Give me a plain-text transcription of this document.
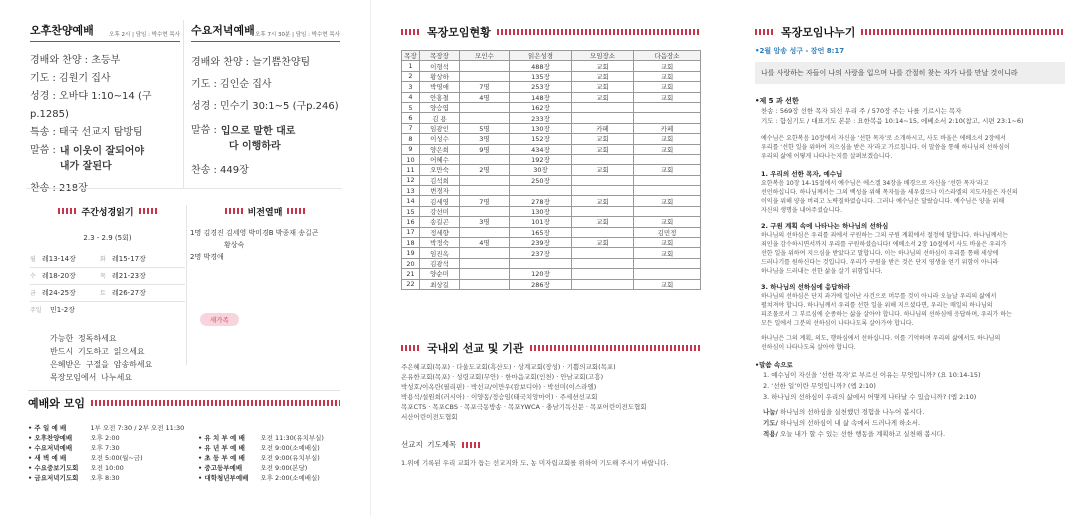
오후찬양예배	오후 2시 | 담임 : 박수현 목사
경배와 찬양 : 초등부
기도 : 김원기 집사
성경 : 오바댜 1:10~14 (구p.1285)
특송 : 태국 선교지 탐방팀
말씀 : 내 이웃이 잘되어야
내가 잘된다
수요저녁예배 오후 7시 30분 | 담임 : 박수현 목사
경배와 찬양 : 늘기쁨찬양팀
기도 : 김인순 집사
성경 : 민수기 30:1~5 (구p.246)
말씀 : 입으로 말한 대로
다 이행하라
찬송 : 449장
주간성경읽기
2.3 - 2.9 (5회)
월 레13-14장	화 레15-17장
수 레18-20장	목 레21-23장
금 레24-25장	토 레26-27장
주일	민1-2장
가능한 정독하세요
반드시 기도하고 읽으세요
은혜받은 구절을 암송하세요
목장모임에서 나누세요
비전열매
1명 김경진 김세영 박미경B 박종재 송길곤
황상숙
2명 박경애
새가족
예배와 모임
• 주 일 예 배	1부 오전 7:30 / 2부 오전 11:30
• 오후찬양예배	오후 2:00
• 수요저녁예배	오후 7:30
• 새 벽 예 배	오전 5:00(월~금)
• 수요중보기도회 오전 10:00
• 금요저녁기도회 오후 8:30
• 유 치 부 예 배 오전 11:30(유치부실)
• 유 년 부 예 배 오전 9:00(소예배실)
• 초 등 부 예 배 오전 9:00(유치부실)
• 중고등부예배	오전 9:00(본당)
• 대학청년부예배 오후 2:00(소예배실)
목장모임현황
목장	목장장	모인수	읽은성경	모임장소	다음장소
1	이형석		488장	교회	교회
2	황상하		135장	교회	교회
3	박영애	7명	253장	교회	교회
4	안홍철	4명	148장	교회	교회
5	양승엽		162장		
6	김 용		233장		
7	임광인	5명	130장	카페	카페
8	이성수	3명	152장	교회	교회
9	양은희	9명	434장	교회	교회
10	어혜수		192장		
11	오만숙	2명	30장	교회	교회
12	김석희		250장		
13	변경자				
14	김세영	7명	278장	교회	교회
15	강선미		130장		
16	송길곤	3명	101장	교회	교회
17	정세향		165장		김민정
18	박정숙	4명	239장	교회	교회
19	임진옥		237장		교회
20	김광석				
21	양순미		120장		
22	최상길		286장		교회
국내외 선교 및 기관
주은혜교회(목포) · 다울도교회(흑산도) · 상계교회(장성) · 기쁨의교회(목포)
온유한교회(목포) · 성령교회(무안) · 한마음교회(인천) · 안남교회(고흥)
박성호/이옥란(필리핀) · 박선교/이만우(캄보디아) · 박선미(이스라엘)
박용석/설원희(러시아) · 이양동/정승임(태국치앙마이) · 주세션선교회
목포CTS · 목포CBS · 목포극동방송 · 목포YWCA · 충남기독신문 · 목포어린이전도협회
서산어린이전도협회
선교지 기도제목
1.위에 기록된 우리 교회가 돕는 선교지와 도, 농 미자립교회를 위하여 기도해 주시기 바랍니다.
목장모임나누기
•2월 암송 성구 - 잠언 8:17
나를 사랑하는 자들이 나의 사랑을 입으며 나를 간절히 찾는 자가 나를 만날 것이니라
•제 5 과 선한
찬송 : 569장 선한 목자 되신 우리 주 / 570장 주는 나를 기르시는 목자
기도 : 함심기도 / 대표기도 본문 : 요한복음 10:14~15, 에베소서 2:10(참고, 시편 23:1~6)
예수님은 요한복음 10장에서 자신을 ‘선한 목자’로 소개하시고, 사도 바울은 에베소서 2장에서
우리를 ‘선한 일을 위하여 지으심을 받은 자’라고 가르칩니다. 이 말씀을 통해 하나님의 선하심이
우리의 삶에 어떻게 나타나는지를 살펴보겠습니다.
1. 우리의 선한 목자, 예수님
요한복음 10장 14-15절에서 예수님은 에스겔 34장을 배경으로 자신을 ‘선한 목자’라고
선언하십니다. 하나님께서는 그의 백성을 위해 목자들을 세우셨으나 이스라엘의 지도자들은 자신의
이익을 위해 양을 버리고 노략질하였습니다. 그러나 예수님은 달랐습니다. 예수님은 양을 위해
자신의 생명을 내어주셨습니다.
2. 구원 계획 속에 나타나는 하나님의 선하심
하나님의 선하심은 우리를 죄에서 구원하는 그의 구원 계획에서 절정에 달합니다. 하나님께서는
죄인을 감수하시면서까지 우리를 구원하셨습니다! 에베소서 2장 10절에서 사도 바울은 우리가
선한 일을 위하여 지으심을 받았다고 말합니다. 이는 하나님의 선하심이 우리를 통해 세상에
드러나기를 원하신다는 것입니다. 우리가 구원을 받은 것은 단지 영생을 얻기 위함이 아니라
하나님을 드러내는 선한 삶을 살기 위함입니다.
3. 하나님의 선하심에 응답하라
하나님의 선하심은 단지 과거에 일어난 사건으로 머무를 것이 아니라 오늘날 우리의 삶에서
펼쳐져야 합니다. 하나님께서 우리를 선한 일을 위해 지으셨다면, 우리는 매일의 하나님의
피조물로서 그 부르심에 순종하는 삶을 살아야 합니다. 하나님의 선하심에 응답하며, 우리가 하는
모든 일에서 그분의 선하심이 나타나도록 살아가야 합니다.
하나님은 그의 계획, 의도, 행하심에서 선하십니다. 이를 기억하며 우리의 삶에서도 하나님의
선하심이 나타나도록 살아야 합니다.
•말씀 속으로
1. 예수님이 자신을 ‘선한 목자’로 부르신 이유는 무엇입니까? (요 10:14-15)
2. ‘선한 일’이란 무엇입니까? (엡 2:10)
3. 하나님의 선하심이 우리의 삶에서 어떻게 나타날 수 있습니까? (엡 2:10)
나눔/ 하나님의 선하심을 실천했던 경험을 나누어 봅시다.
기도/ 하나님의 선하심이 내 삶 속에서 드러나게 하소서.
적용/ 오늘 내가 할 수 있는 선한 행동을 계획하고 실천해 봅시다.
